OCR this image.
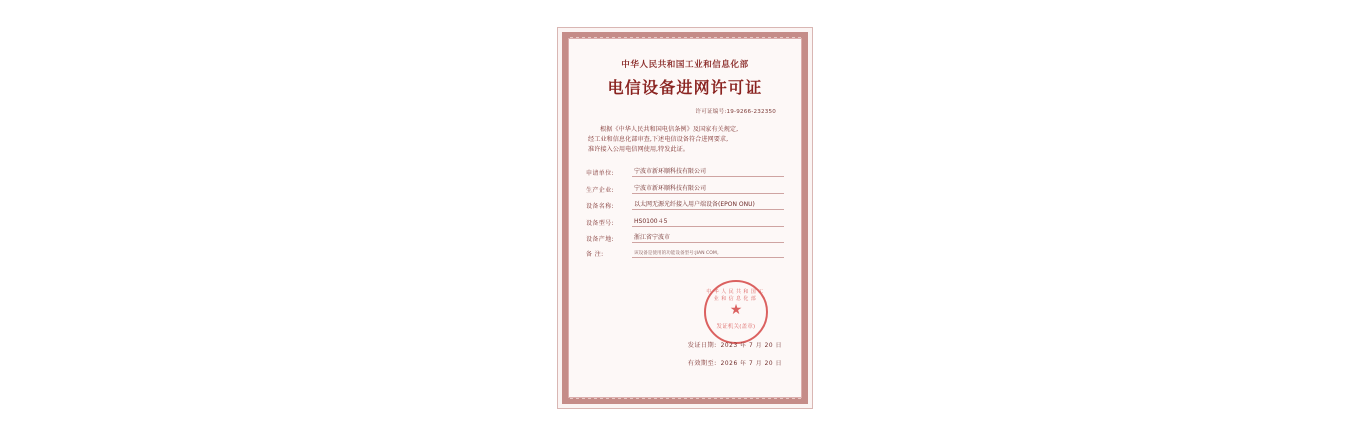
中华人民共和国工业和信息化部
电信设备进网许可证
许可证编号:19-9266-232350
根据《中华人民共和国电信条例》及国家有关规定,
经工业和信息化部审查,下述电信设备符合进网要求,
准许接入公用电信网使用,特发此证。
申请单位:	宁波市新环顺科技有限公司
生产企业:	宁波市新环顺科技有限公司
设备名称:	以太网无源光纤接入用户端设备(EPON ONU)
设备型号:	HS0100４5
设备产地:	浙江省宁波市
备 注:	该设备是使用的功能设备型号:JIAN COM。
中华人民共和国工业和信息化部
★
发证机关(盖章)
发证日期: 2023 年 7 月 20 日
有效期至: 2026 年 7 月 20 日
